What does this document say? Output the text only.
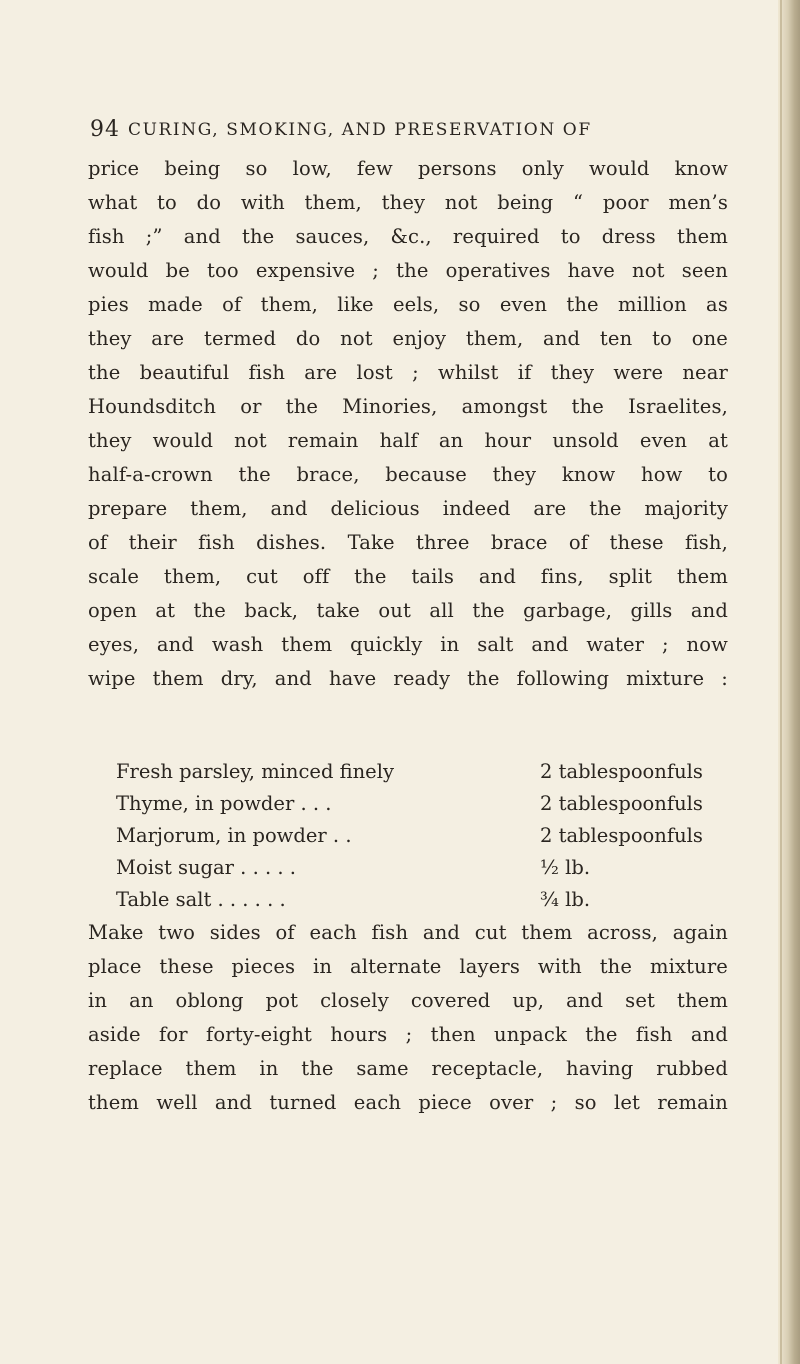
94 CURING, SMOKING, AND PRESERVATION OF
price being so low, few persons only would know
what to do with them, they not being “ poor men’s
fish ;” and the sauces, &c., required to dress them
would be too expensive ; the operatives have not seen
pies made of them, like eels, so even the million as
they are termed do not enjoy them, and ten to one
the beautiful fish are lost ; whilst if they were near
Houndsditch or the Minories, amongst the Israelites,
they would not remain half an hour unsold even at
half-a-crown the brace, because they know how to
prepare them, and delicious indeed are the majority
of their fish dishes. Take three brace of these fish,
scale them, cut off the tails and fins, split them
open at the back, take out all the garbage, gills and
eyes, and wash them quickly in salt and water ; now
wipe them dry, and have ready the following mixture :
Fresh parsley, minced finely	2 tablespoonfuls
Thyme, in powder . . .	2 tablespoonfuls
Marjorum, in powder . .	2 tablespoonfuls
Moist sugar . . . . .	½ lb.
Table salt . . . . . .	¾ lb.
Make two sides of each fish and cut them across, again
place these pieces in alternate layers with the mixture
in an oblong pot closely covered up, and set them
aside for forty-eight hours ; then unpack the fish and
replace them in the same receptacle, having rubbed
them well and turned each piece over ; so let remain
